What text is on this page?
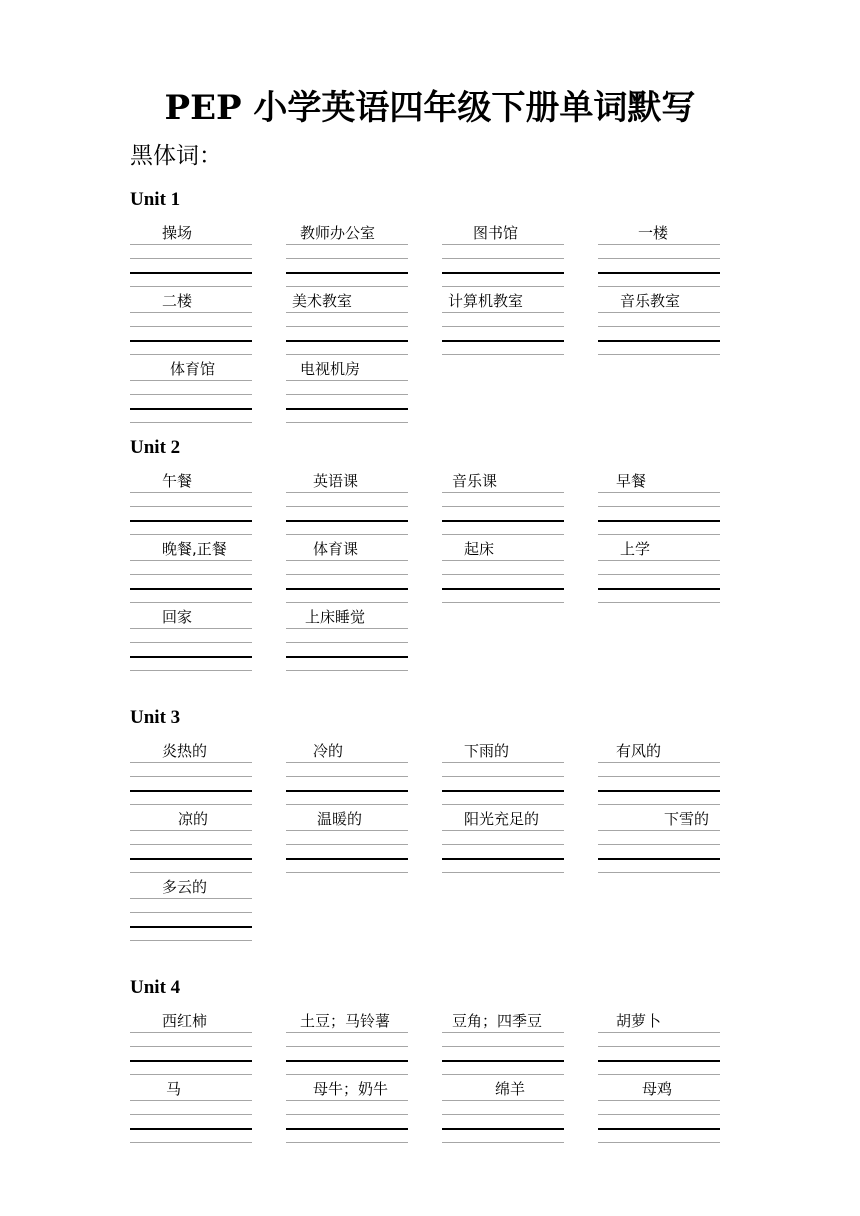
PEP 小学英语四年级下册单词默写
黑体词：
Unit 1
操场	教师办公室	图书馆	一楼
二楼	美术教室	计算机教室	音乐教室
体育馆	电视机房
Unit 2
午餐	英语课	音乐课	早餐
晚餐,正餐	体育课	起床	上学
回家	上床睡觉
Unit 3
炎热的	冷的	下雨的	有风的
凉的	温暖的	阳光充足的	下雪的
多云的
Unit 4
西红柿	土豆；马铃薯	豆角；四季豆	胡萝卜
马	母牛；奶牛	绵羊	母鸡
